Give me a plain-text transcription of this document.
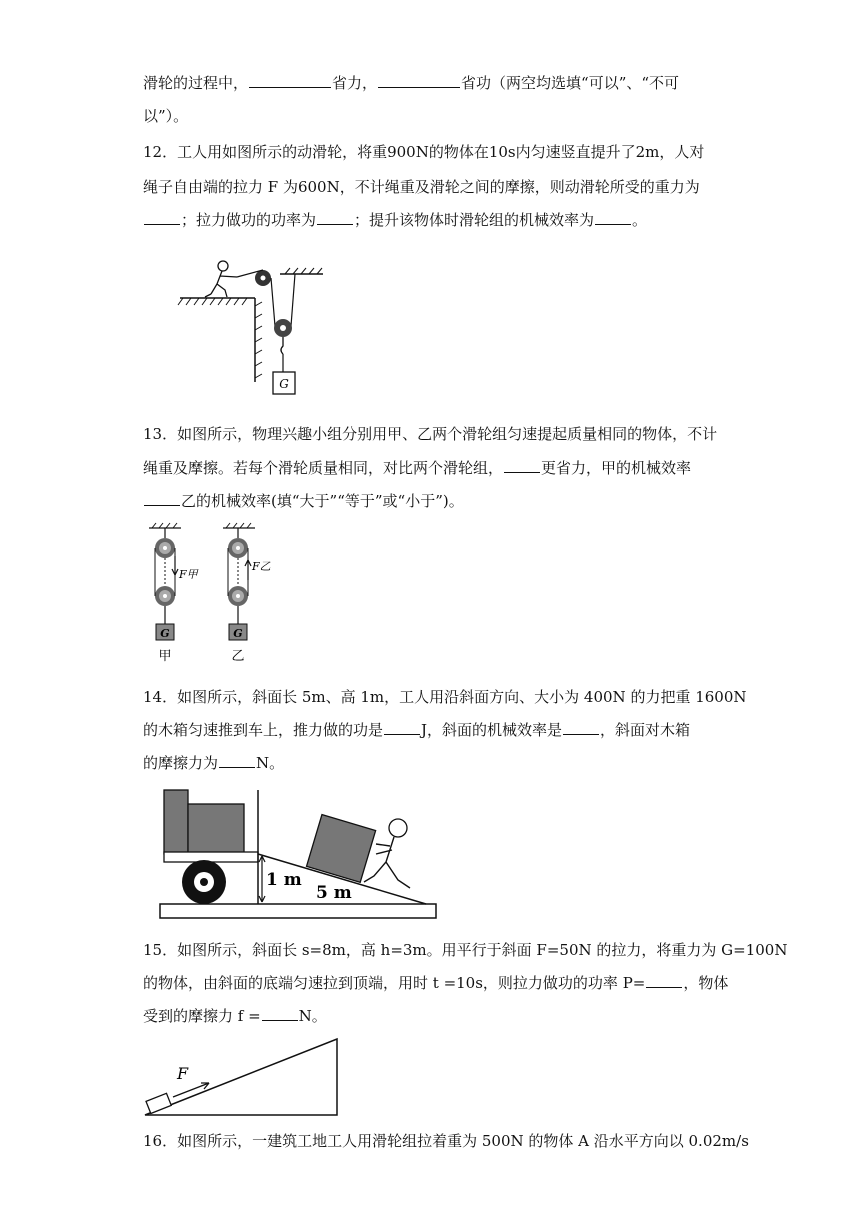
滑轮的过程中，	省力，	省功（两空均选填“可以”、“不可
以”）。
12．工人用如图所示的动滑轮，将重900N的物体在10s内匀速竖直提升了2m，人对
绳子自由端的拉力 F 为600N，不计绳重及滑轮之间的摩擦，则动滑轮所受的重力为
；拉力做功的功率为	；提升该物体时滑轮组的机械效率为	。
G
13．如图所示，物理兴趣小组分别用甲、乙两个滑轮组匀速提起质量相同的物体，不计
绳重及摩擦。若每个滑轮质量相同，对比两个滑轮组，	更省力，甲的机械效率
乙的机械效率(填“大于”“等于”或“小于”)。
F甲
G
甲
F乙
G
乙
14．如图所示，斜面长 5m、高 1m，工人用沿斜面方向、大小为 400N 的力把重 1600N
的木箱匀速推到车上，推力做的功是	J，斜面的机械效率是	，斜面对木箱
的摩擦力为	N。
1 m
5 m
15．如图所示，斜面长 s=8m，高 h=3m。用平行于斜面 F=50N 的拉力，将重力为 G=100N
的物体，由斜面的底端匀速拉到顶端，用时 t =10s，则拉力做功的功率 P=	，物体
受到的摩擦力 f =	N。
F
16．如图所示，一建筑工地工人用滑轮组拉着重为 500N 的物体 A 沿水平方向以 0.02m/s
